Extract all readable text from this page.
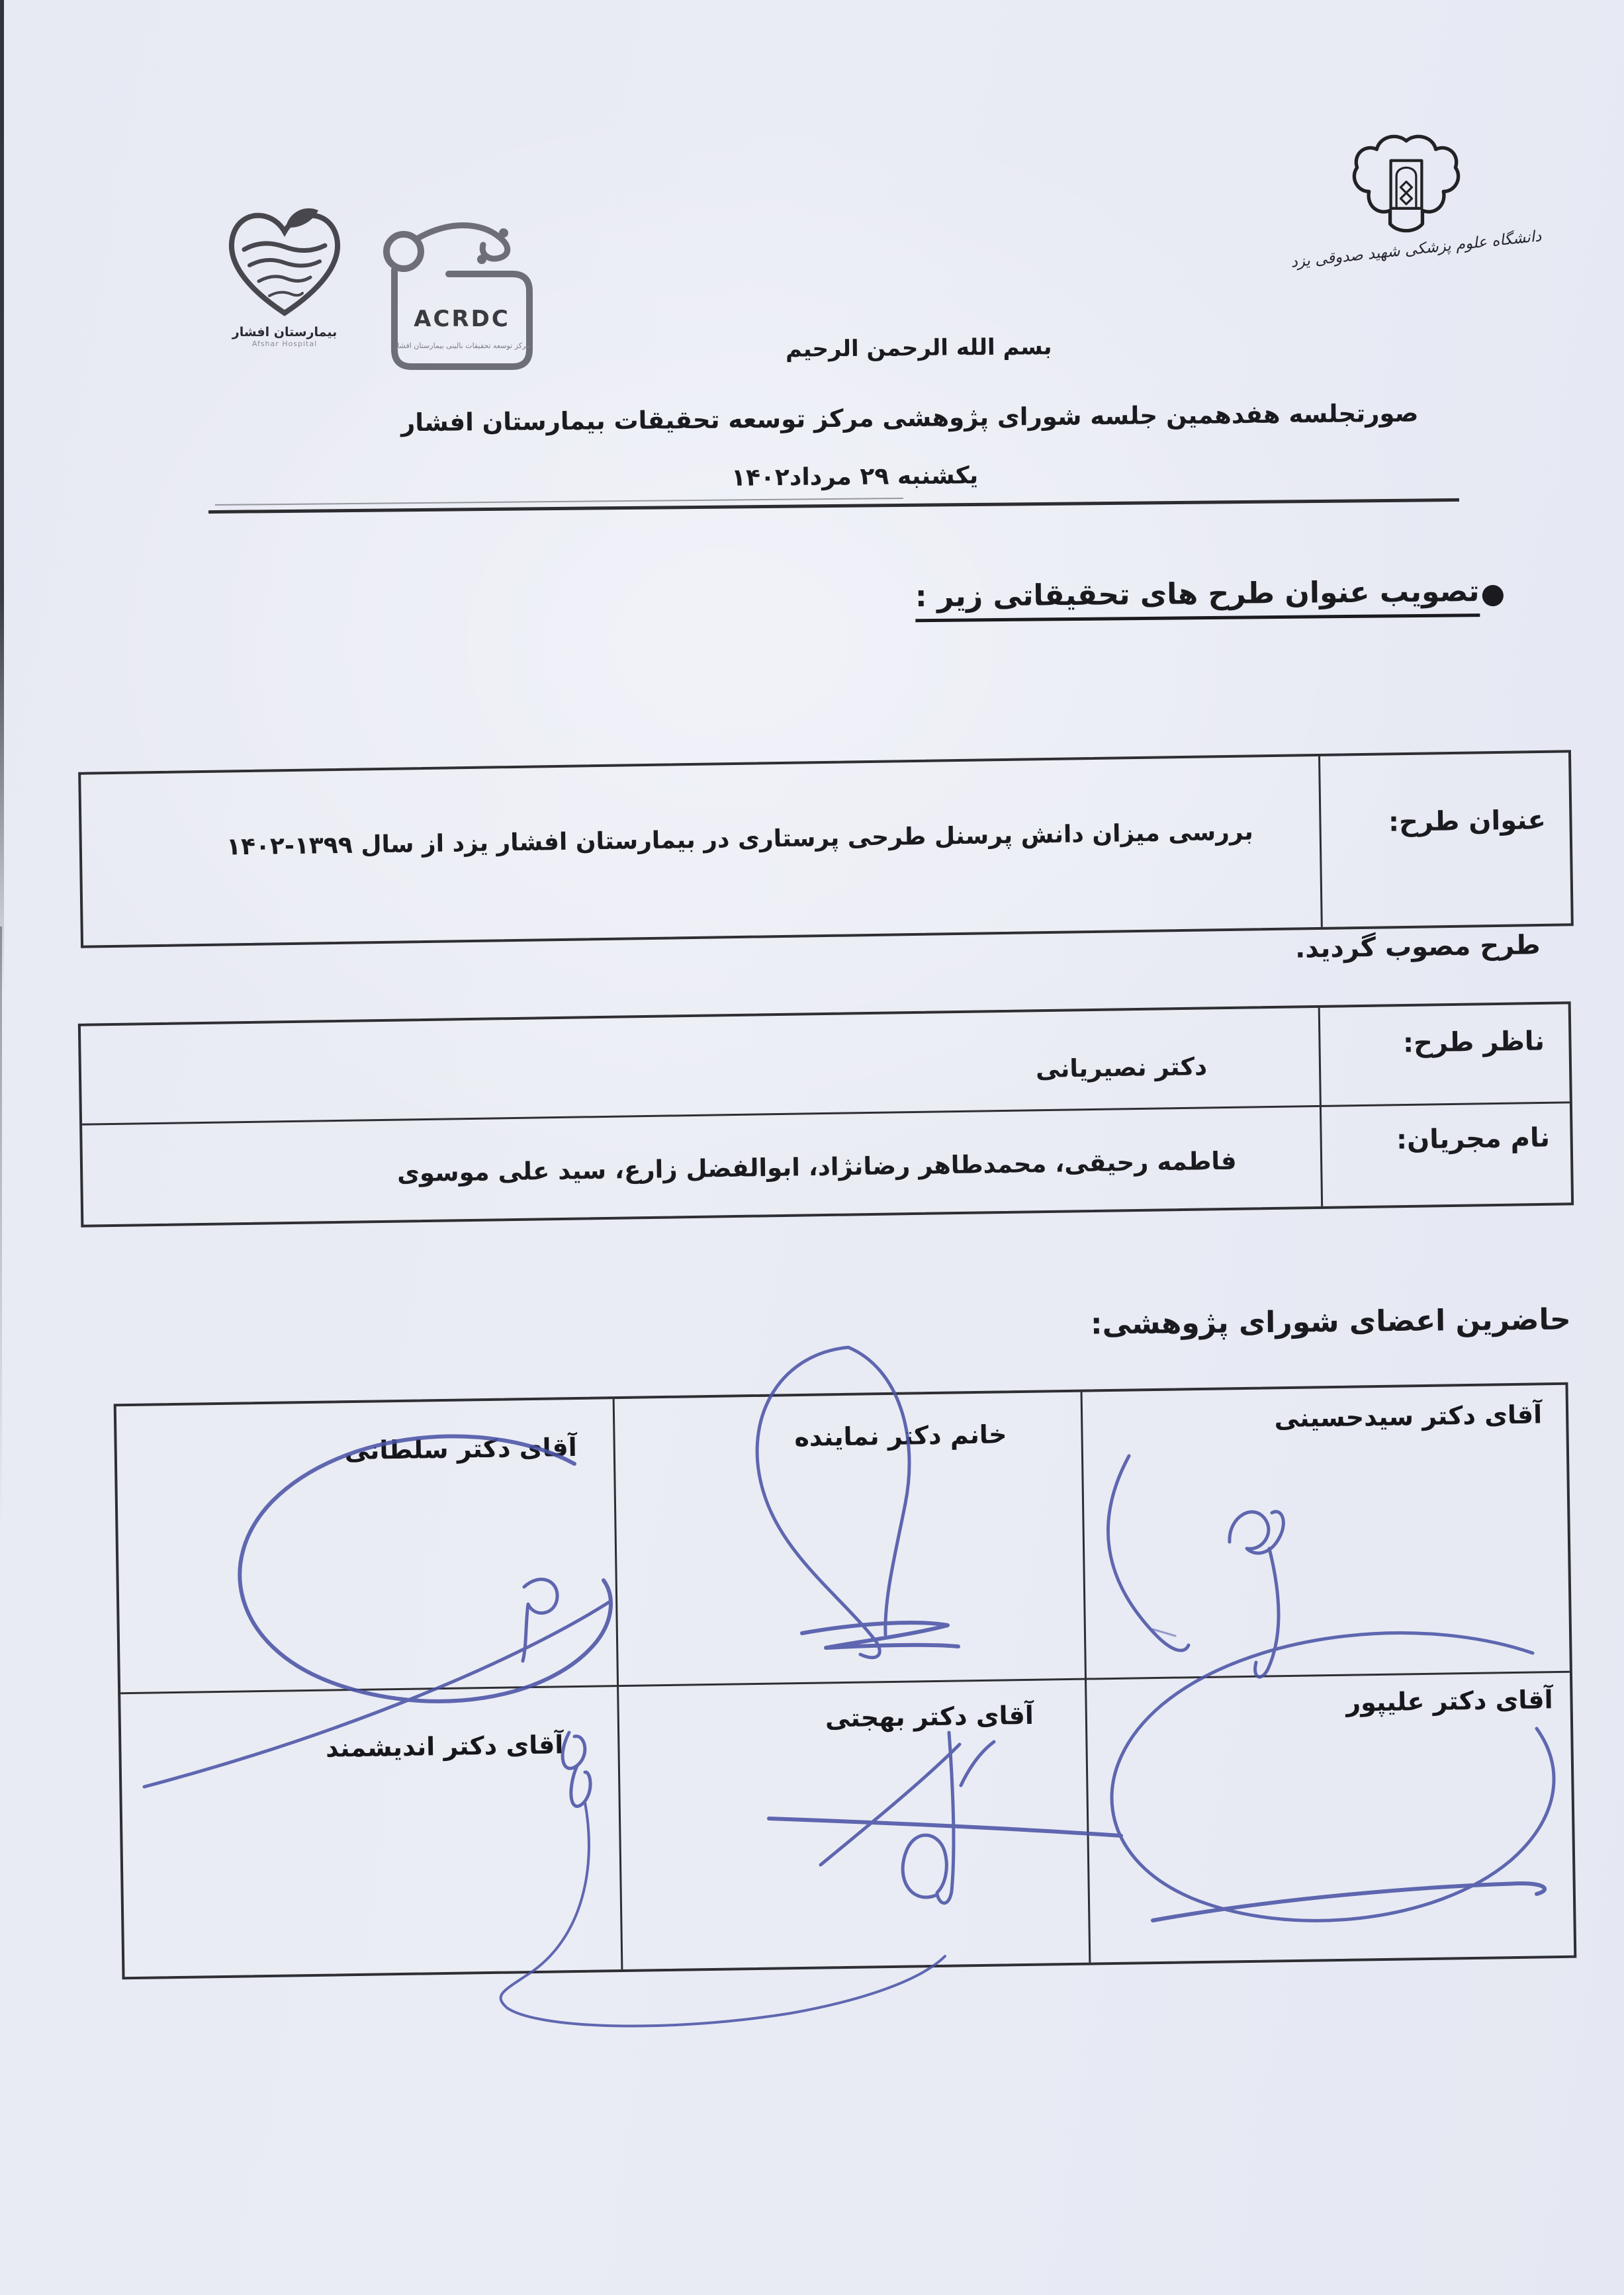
بیمارستان افشار
Afshar Hospital
ACRDC
مرکز توسعه تحقیقات بالینی بیمارستان افشار
دانشگاه علوم پزشکی شهید صدوقی یزد
بسم الله الرحمن الرحیم
صورتجلسه هفدهمین جلسه شورای پژوهشی مرکز توسعه تحقیقات بیمارستان افشار
یکشنبه ۲۹ مرداد۱۴۰۲
●تصویب عنوان طرح های تحقیقاتی زیر :
عنوان طرح:
بررسی میزان دانش پرسنل طرحی پرستاری در بیمارستان افشار یزد از سال ۱۳۹۹-۱۴۰۲
طرح مصوب گردید.
ناظر طرح:
دکتر نصیریانی
نام مجریان:
فاطمه رحیقی، محمدطاهر رضانژاد، ابوالفضل زارع، سید علی موسوی
حاضرین اعضای شورای پژوهشی:
آقای دکتر سیدحسینی
خانم دکتر نماینده
آقای دکتر سلطانی
آقای دکتر علیپور
آقای دکتر بهجتی
آقای دکتر اندیشمند
